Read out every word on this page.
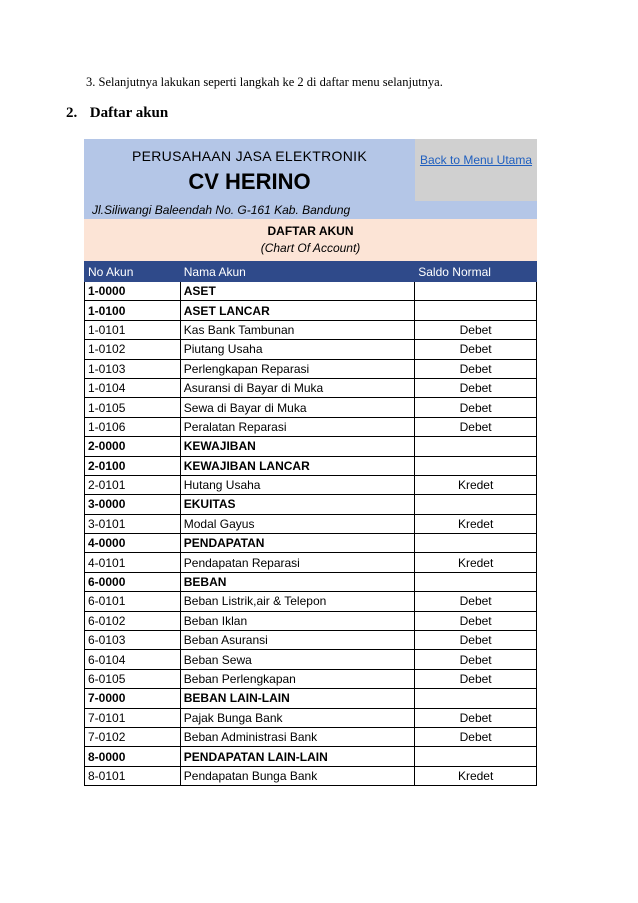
3. Selanjutnya lakukan seperti langkah ke 2 di daftar menu selanjutnya.
2. Daftar akun
PERUSAHAAN JASA ELEKTRONIK
CV HERINO
Back to Menu Utama
Jl.Siliwangi Baleendah No. G-161 Kab. Bandung
DAFTAR AKUN
(Chart Of Account)
No Akun	Nama Akun	Saldo Normal
1-0000	ASET	
1-0100	ASET LANCAR	
1-0101	Kas Bank Tambunan	Debet
1-0102	Piutang Usaha	Debet
1-0103	Perlengkapan Reparasi	Debet
1-0104	Asuransi di Bayar di Muka	Debet
1-0105	Sewa di Bayar di Muka	Debet
1-0106	Peralatan Reparasi	Debet
2-0000	KEWAJIBAN	
2-0100	KEWAJIBAN LANCAR	
2-0101	Hutang Usaha	Kredet
3-0000	EKUITAS	
3-0101	Modal Gayus	Kredet
4-0000	PENDAPATAN	
4-0101	Pendapatan Reparasi	Kredet
6-0000	BEBAN	
6-0101	Beban Listrik,air & Telepon	Debet
6-0102	Beban Iklan	Debet
6-0103	Beban Asuransi	Debet
6-0104	Beban Sewa	Debet
6-0105	Beban Perlengkapan	Debet
7-0000	BEBAN LAIN-LAIN	
7-0101	Pajak Bunga Bank	Debet
7-0102	Beban Administrasi Bank	Debet
8-0000	PENDAPATAN LAIN-LAIN	
8-0101	Pendapatan Bunga Bank	Kredet
